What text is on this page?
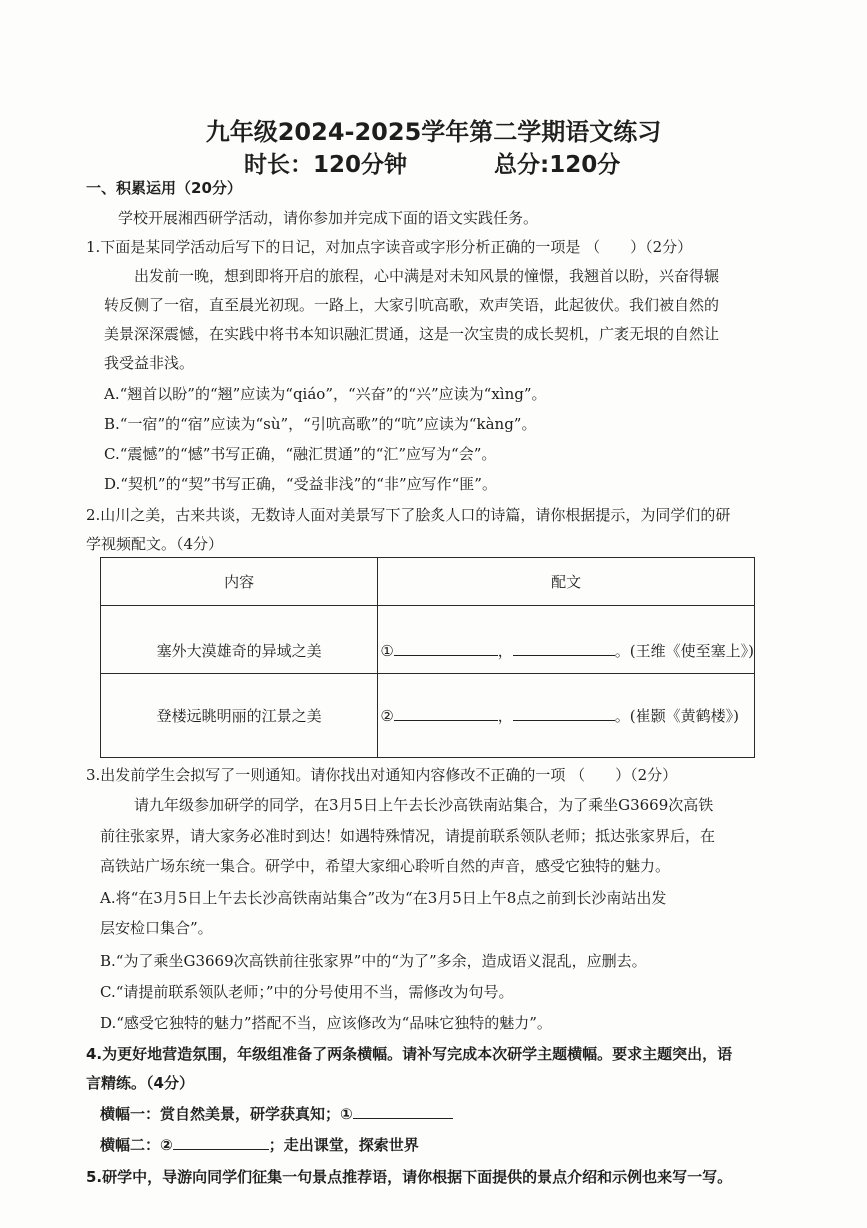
九年级2024-2025学年第二学期语文练习
时长：120分钟	总分:120分
一、积累运用（20分）
学校开展湘西研学活动，请你参加并完成下面的语文实践任务。
1.下面是某同学活动后写下的日记，对加点字读音或字形分析正确的一项是 （　　）（2分）
出发前一晚，想到即将开启的旅程，心中满是对未知风景的憧憬，我翘首以盼，兴奋得辗
转反侧了一宿，直至晨光初现。一路上，大家引吭高歌，欢声笑语，此起彼伏。我们被自然的
美景深深震憾，在实践中将书本知识融汇贯通，这是一次宝贵的成长契机，广袤无垠的自然让
我受益非浅。
A.“翘首以盼”的“翘”应读为“qiáo”，“兴奋”的“兴”应读为“xìng”。
B.“一宿”的“宿”应读为“sù”，“引吭高歌”的“吭”应读为“kàng”。
C.“震憾”的“憾”书写正确，“融汇贯通”的“汇”应写为“会”。
D.“契机”的“契”书写正确，“受益非浅”的“非”应写作“匪”。
2.山川之美，古来共谈，无数诗人面对美景写下了脍炙人口的诗篇，请你根据提示，为同学们的研
学视频配文。（4分）
内容	配文
塞外大漠雄奇的异域之美	① ， 。(王维《使至塞上》)
登楼远眺明丽的江景之美	② ， 。(崔颢《黄鹤楼》)
3.出发前学生会拟写了一则通知。请你找出对通知内容修改不正确的一项 （　　）（2分）
请九年级参加研学的同学，在3月5日上午去长沙高铁南站集合，为了乘坐G3669次高铁
前往张家界，请大家务必准时到达！如遇特殊情况，请提前联系领队老师；抵达张家界后，在
高铁站广场东统一集合。研学中，希望大家细心聆听自然的声音，感受它独特的魅力。
A.将“在3月5日上午去长沙高铁南站集合”改为“在3月5日上午8点之前到长沙南站出发
层安检口集合”。
B.“为了乘坐G3669次高铁前往张家界”中的“为了”多余，造成语义混乱，应删去。
C.“请提前联系领队老师；”中的分号使用不当，需修改为句号。
D.“感受它独特的魅力”搭配不当，应该修改为“品味它独特的魅力”。
4.为更好地营造氛围，年级组准备了两条横幅。请补写完成本次研学主题横幅。要求主题突出，语
言精练。（4分）
横幅一：赏自然美景，研学获真知；①
横幅二：②	；走出课堂，探索世界
5.研学中，导游向同学们征集一句景点推荐语，请你根据下面提供的景点介绍和示例也来写一写。
